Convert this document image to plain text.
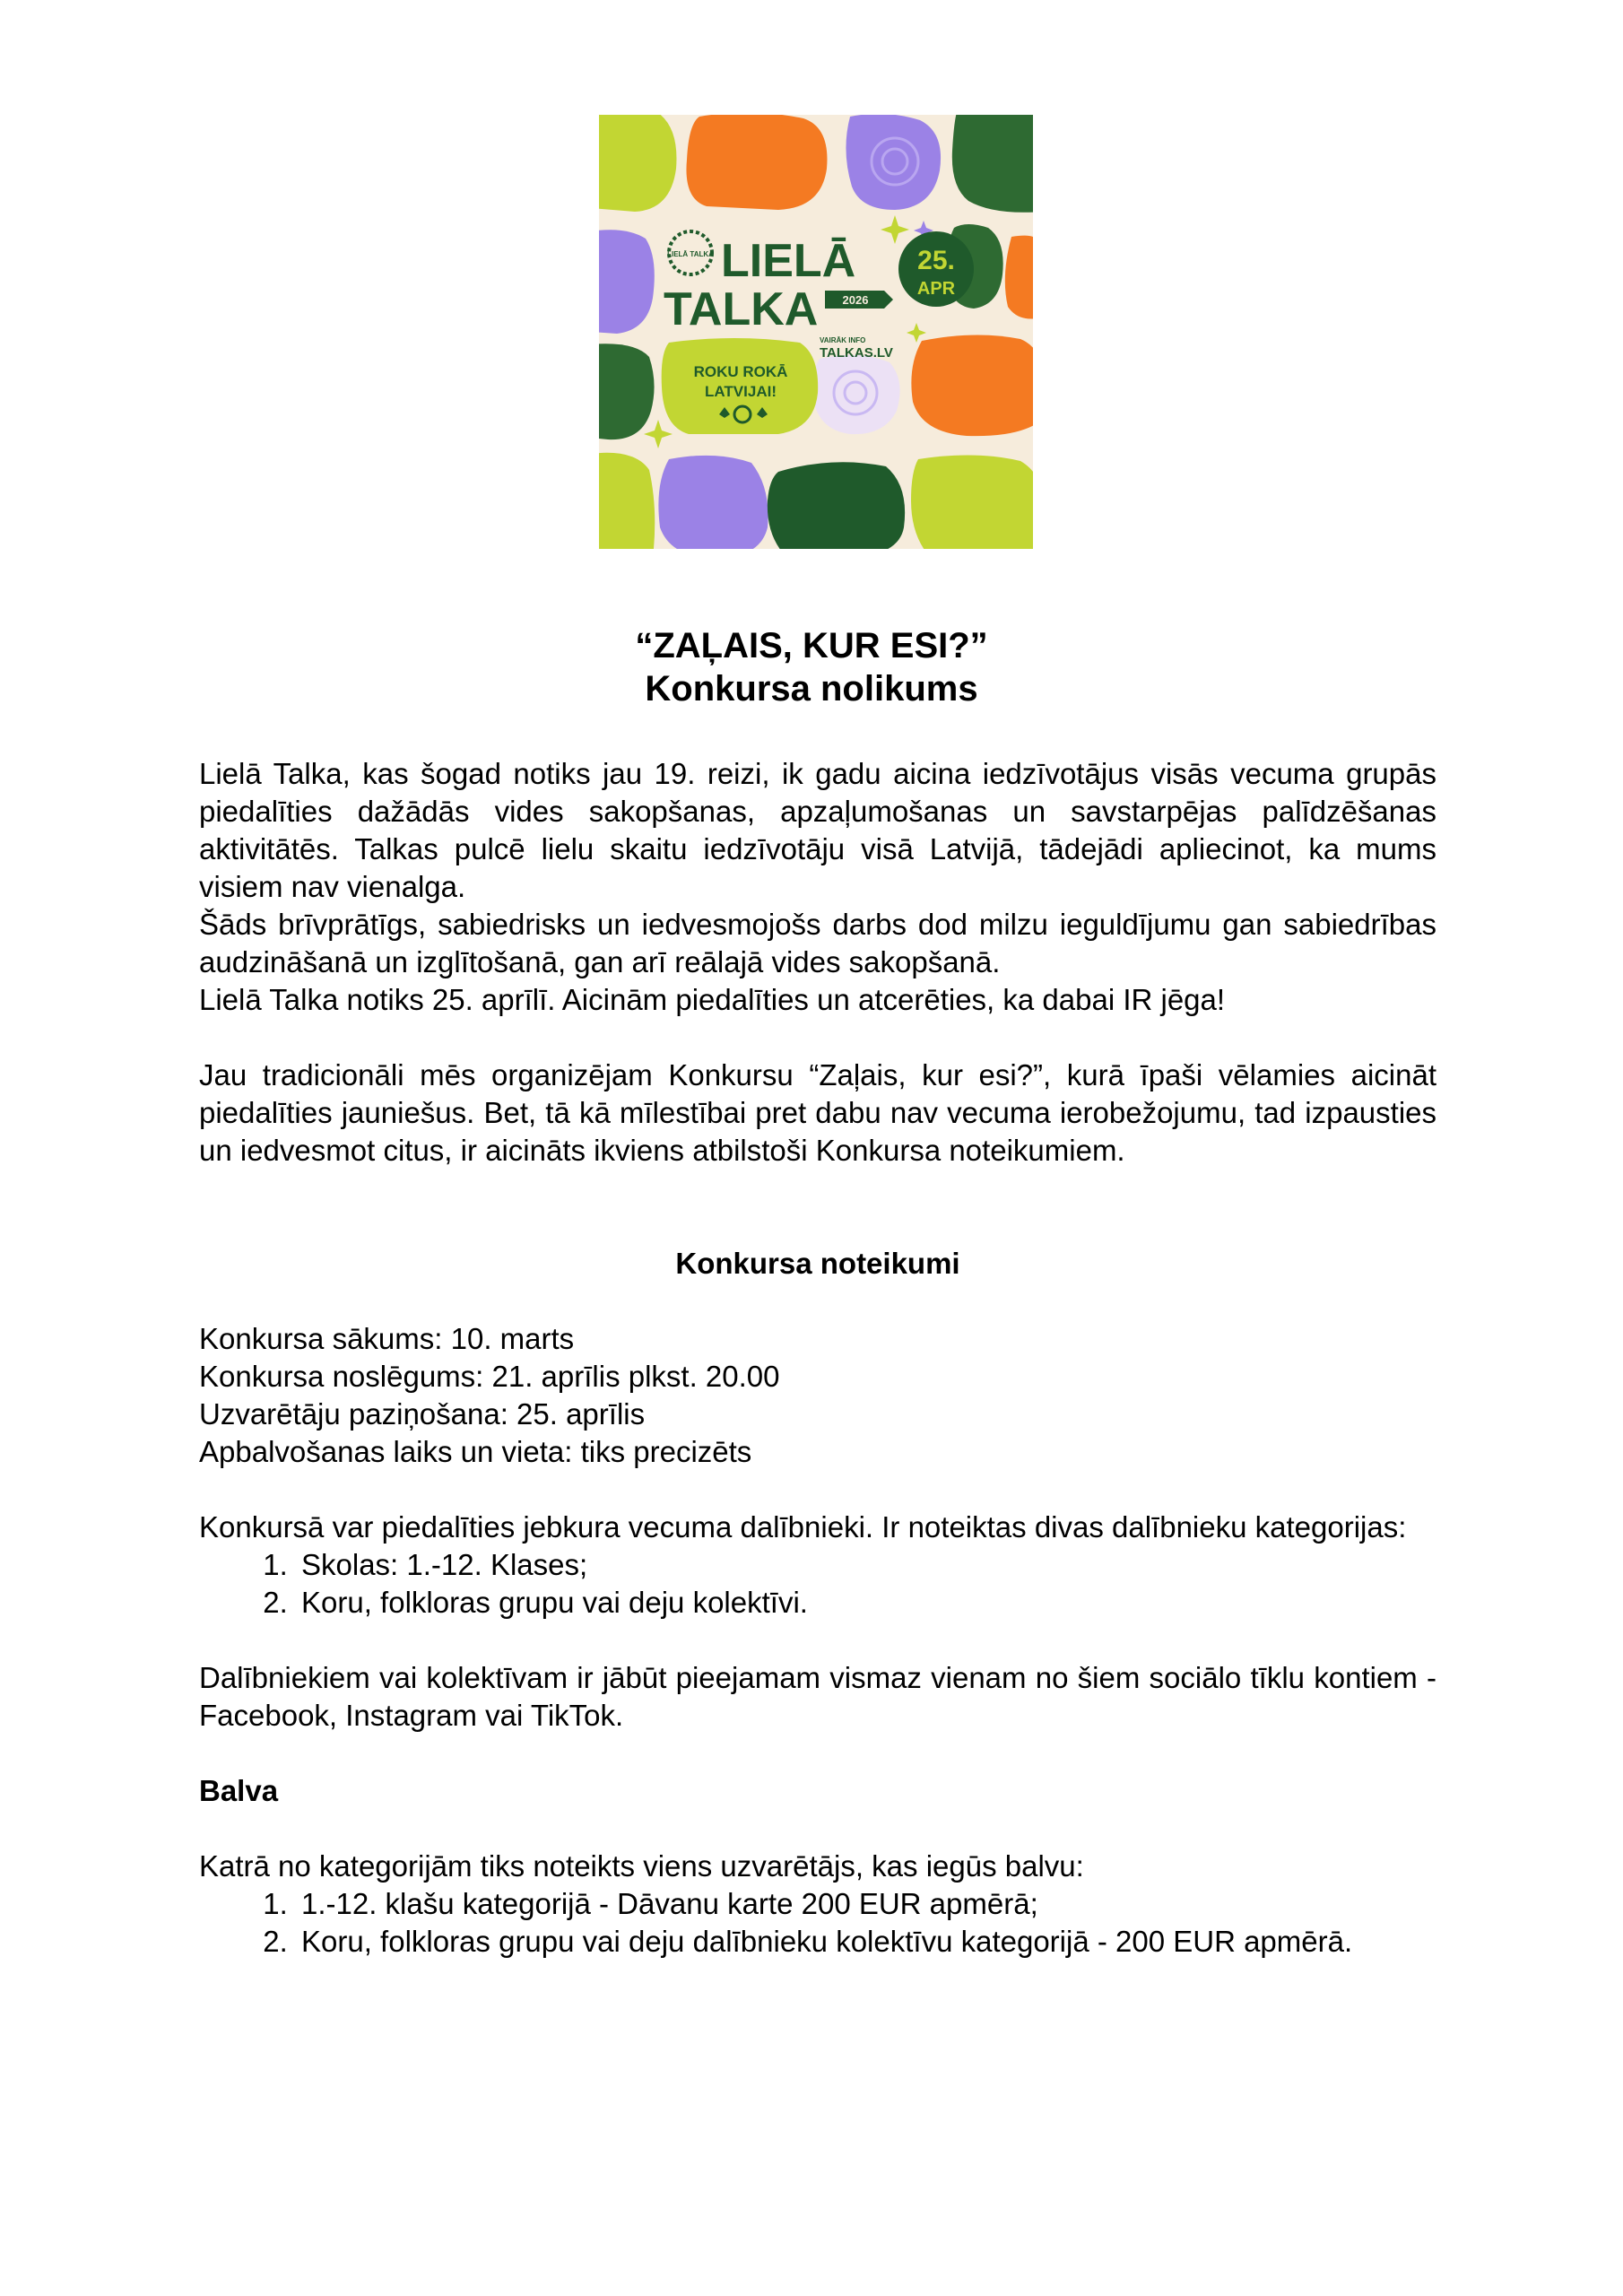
LIELĀ TALKA LIELĀ
TALKA 2026
25.
APR
VAIRĀK INFO
TALKAS.LV
ROKU ROKĀ
LATVIJAI!
“ZAĻAIS, KUR ESI?”
Konkursa nolikums

Lielā Talka, kas šogad notiks jau 19. reizi, ik gadu aicina iedzīvotājus visās vecuma grupās piedalīties dažādās vides sakopšanas, apzaļumošanas un savstarpējas palīdzēšanas aktivitātēs. Talkas pulcē lielu skaitu iedzīvotāju visā Latvijā, tādejādi apliecinot, ka mums visiem nav vienalga.

Šāds brīvprātīgs, sabiedrisks un iedvesmojošs darbs dod milzu ieguldījumu gan sabiedrības audzināšanā un izglītošanā, gan arī reālajā vides sakopšanā.

Lielā Talka notiks 25. aprīlī. Aicinām piedalīties un atcerēties, ka dabai IR jēga!

Jau tradicionāli mēs organizējam Konkursu “Zaļais, kur esi?”, kurā īpaši vēlamies aicināt piedalīties jauniešus. Bet, tā kā mīlestībai pret dabu nav vecuma ierobežojumu, tad izpausties un iedvesmot citus, ir aicināts ikviens atbilstoši Konkursa noteikumiem.

Konkursa noteikumi

Konkursa sākums: 10. marts

Konkursa noslēgums: 21. aprīlis plkst. 20.00

Uzvarētāju paziņošana: 25. aprīlis

Apbalvošanas laiks un vieta: tiks precizēts

Konkursā var piedalīties jebkura vecuma dalībnieki. Ir noteiktas divas dalībnieku kategorijas:

1. Skolas: 1.-12. Klases;
2. Koru, folkloras grupu vai deju kolektīvi.

Dalībniekiem vai kolektīvam ir jābūt pieejamam vismaz vienam no šiem sociālo tīklu kontiem - Facebook, Instagram vai TikTok.

Balva

Katrā no kategorijām tiks noteikts viens uzvarētājs, kas iegūs balvu:

1. 1.-12. klašu kategorijā - Dāvanu karte 200 EUR apmērā;
2. Koru, folkloras grupu vai deju dalībnieku kolektīvu kategorijā - 200 EUR apmērā.
